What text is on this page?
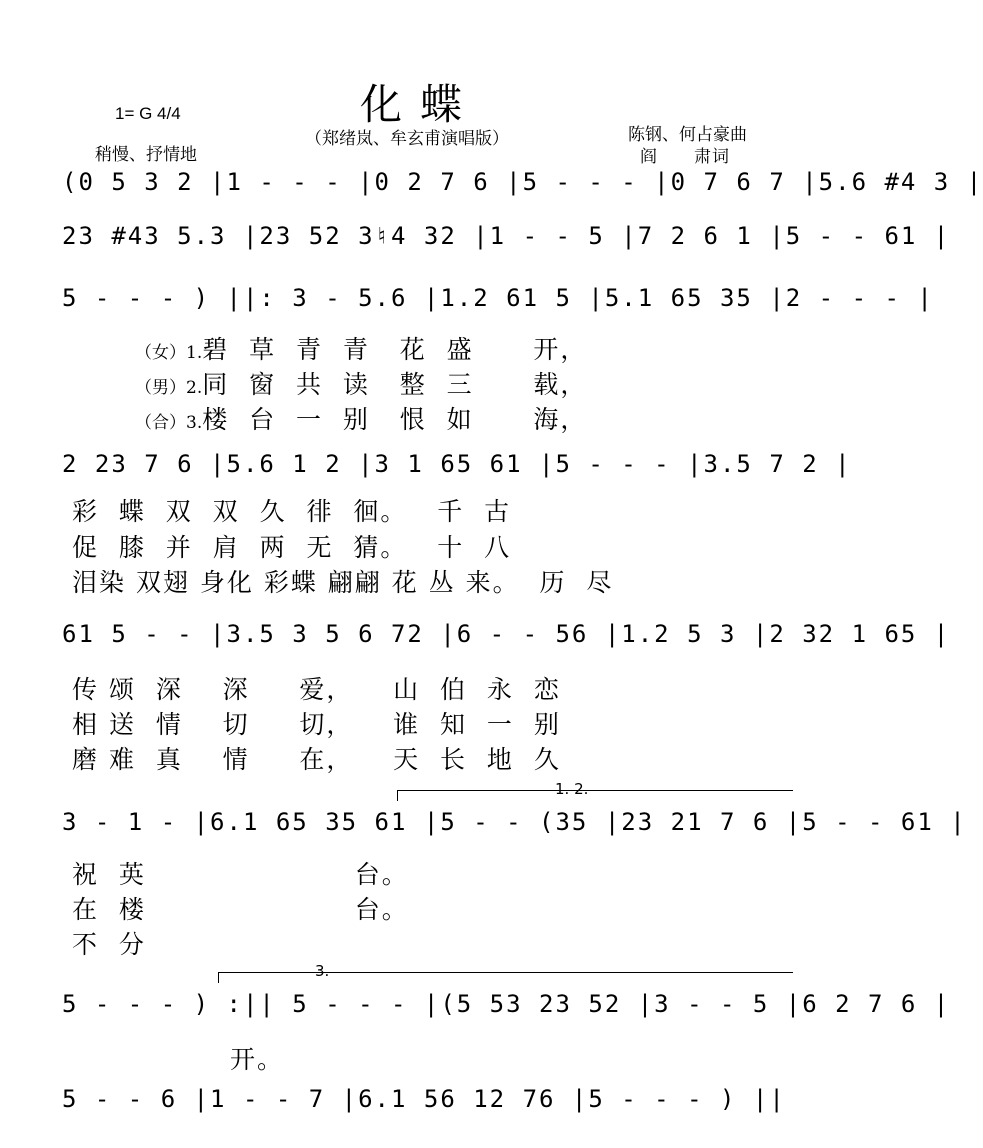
化蝶
1= G 4/4
稍慢、抒情地
（郑绪岚、牟玄甫演唱版）	陈钢、何占豪曲
阎　　肃词
(0 5 3 2 |1 - - - |0 2 7 6 |5 - - - |0 7 6 7 |5.6 #4 3 |
23 #43 5.3 |23 52 3♮4 32 |1 - - 5 |7 2 6 1 |5 - - 61 |
5 - - - ) ||: 3 - 5.6 |1.2 61 5 |5.1 65 35 |2 - - - |
（女）1.碧  草  青  青   花  盛      开，
（男）2.同  窗  共  读   整  三      载，
（合）3.楼  台  一  别   恨  如      海，
2 23 7 6 |5.6 1 2 |3 1 65 61 |5 - - - |3.5 7 2 |
彩  蝶  双  双  久  徘  徊。   千  古
促  膝  并  肩  两  无  猜。   十  八
泪染 双翅 身化 彩蝶 翩翩 花 丛 来。  历  尽
61 5 - - |3.5 3 5 6 72 |6 - - 56 |1.2 5 3 |2 32 1 65 |
传 颂  深    深     爱，    山  伯  永  恋
相 送  情    切     切，    谁  知  一  别
磨 难  真    情     在，    天  长  地  久
1. 2.
3 - 1 - |6.1 65 35 61 |5 - - (35 |23 21 7 6 |5 - - 61 |
祝  英                     台。
在  楼                     台。
不  分
3.
5 - - - ) :|| 5 - - - |(5 53 23 52 |3 - - 5 |6 2 7 6 |
开。
5 - - 6 |1 - - 7 |6.1 56 12 76 |5 - - - ) ||
